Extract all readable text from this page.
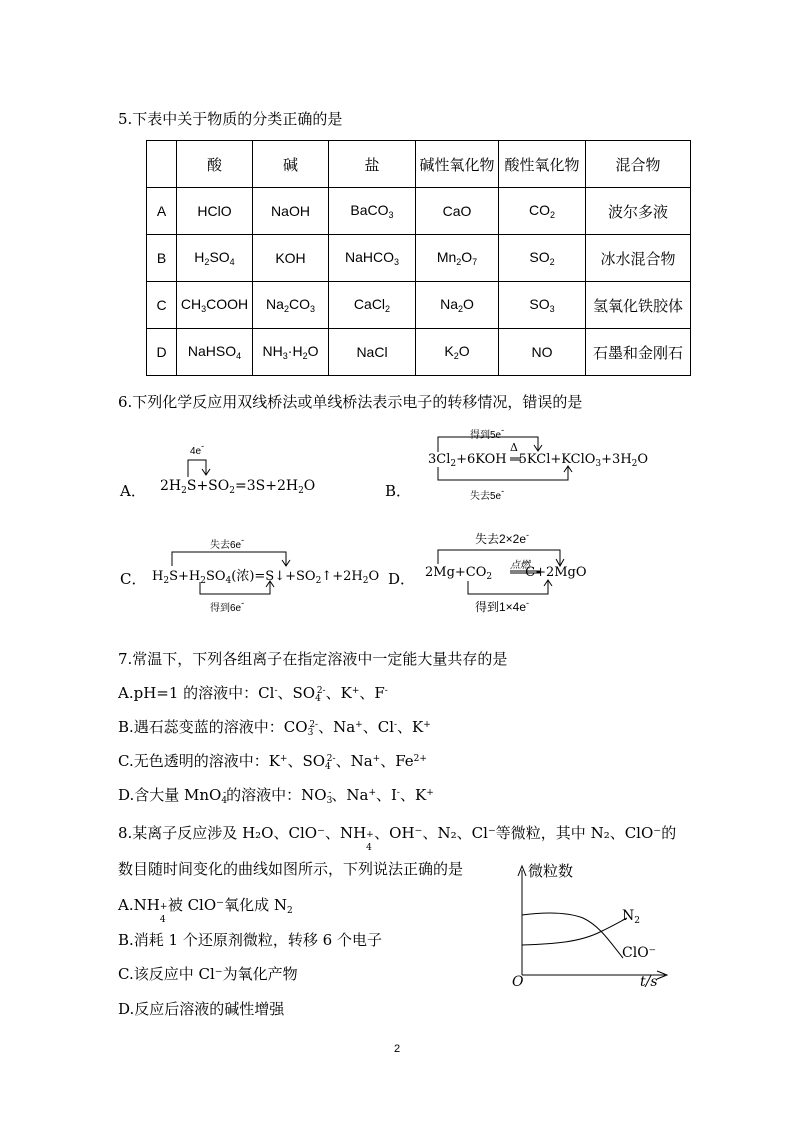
5.下表中关于物质的分类正确的是
	酸	碱	盐	碱性氧化物	酸性氧化物	混合物
A	HClO	NaOH	BaCO$_3$	CaO	$CO_2$	波尔多液
B	$H_2SO_4$	KOH	NaHCO$_3$	$Mn_2O_7$	$SO_2$	冰水混合物
C	$CH_3COOH$	$Na_2CO_3$	CaCl$_2$	$Na_2O$	$SO_3$	氢氧化铁胶体
D	NaHSO$_4$	$NH_3\cdot H_2O$	NaCl	$K_2O$	NO	石墨和金刚石
6.下列化学反应用双线桥法或单线桥法表示电子的转移情况，错误的是
A．
4e-
$2H_2S+SO_2=3S+2H_2O$	B．
得到5e-
失去5e-
Δ
$3Cl_2+6KOH$ $5KCl+KClO_3+3H_2O$
C．
失去6e-
得到6e-
$H_2S+H_2SO_4$(浓)$=S↓+SO_2↑+2H_2O$ D．
失去2×2e-
得到1×4e-
点燃
$2Mg+CO_2$	C+2MgO
7.常温下，下列各组离子在指定溶液中一定能大量共存的是
A.pH=1 的溶液中：Cl-、$SO_4^{2-}$、K+、F-
B.遇石蕊变蓝的溶液中：$CO_3^{2-}$、Na+、Cl-、K+
C.无色透明的溶液中：K+、$SO_4^{2-}$、Na+、$Fe^{2+}$
D.含大量 MnO$_4$-的溶液中：$NO_3^-$、Na+、I-、K+
8.某离子反应涉及 H₂O、ClO⁻、NH +
4
、OH⁻、N₂、Cl⁻等微粒，其中 N₂、ClO⁻的
数目随时间变化的曲线如图所示，下列说法正确的是
A.NH +
4
被 ClO⁻氧化成 $N_2$
B.消耗 1 个还原剂微粒，转移 6 个电子
C.该反应中 Cl⁻为氧化产物
D.反应后溶液的碱性增强
微粒数
O	t/s
$N_2$
ClO⁻
2
